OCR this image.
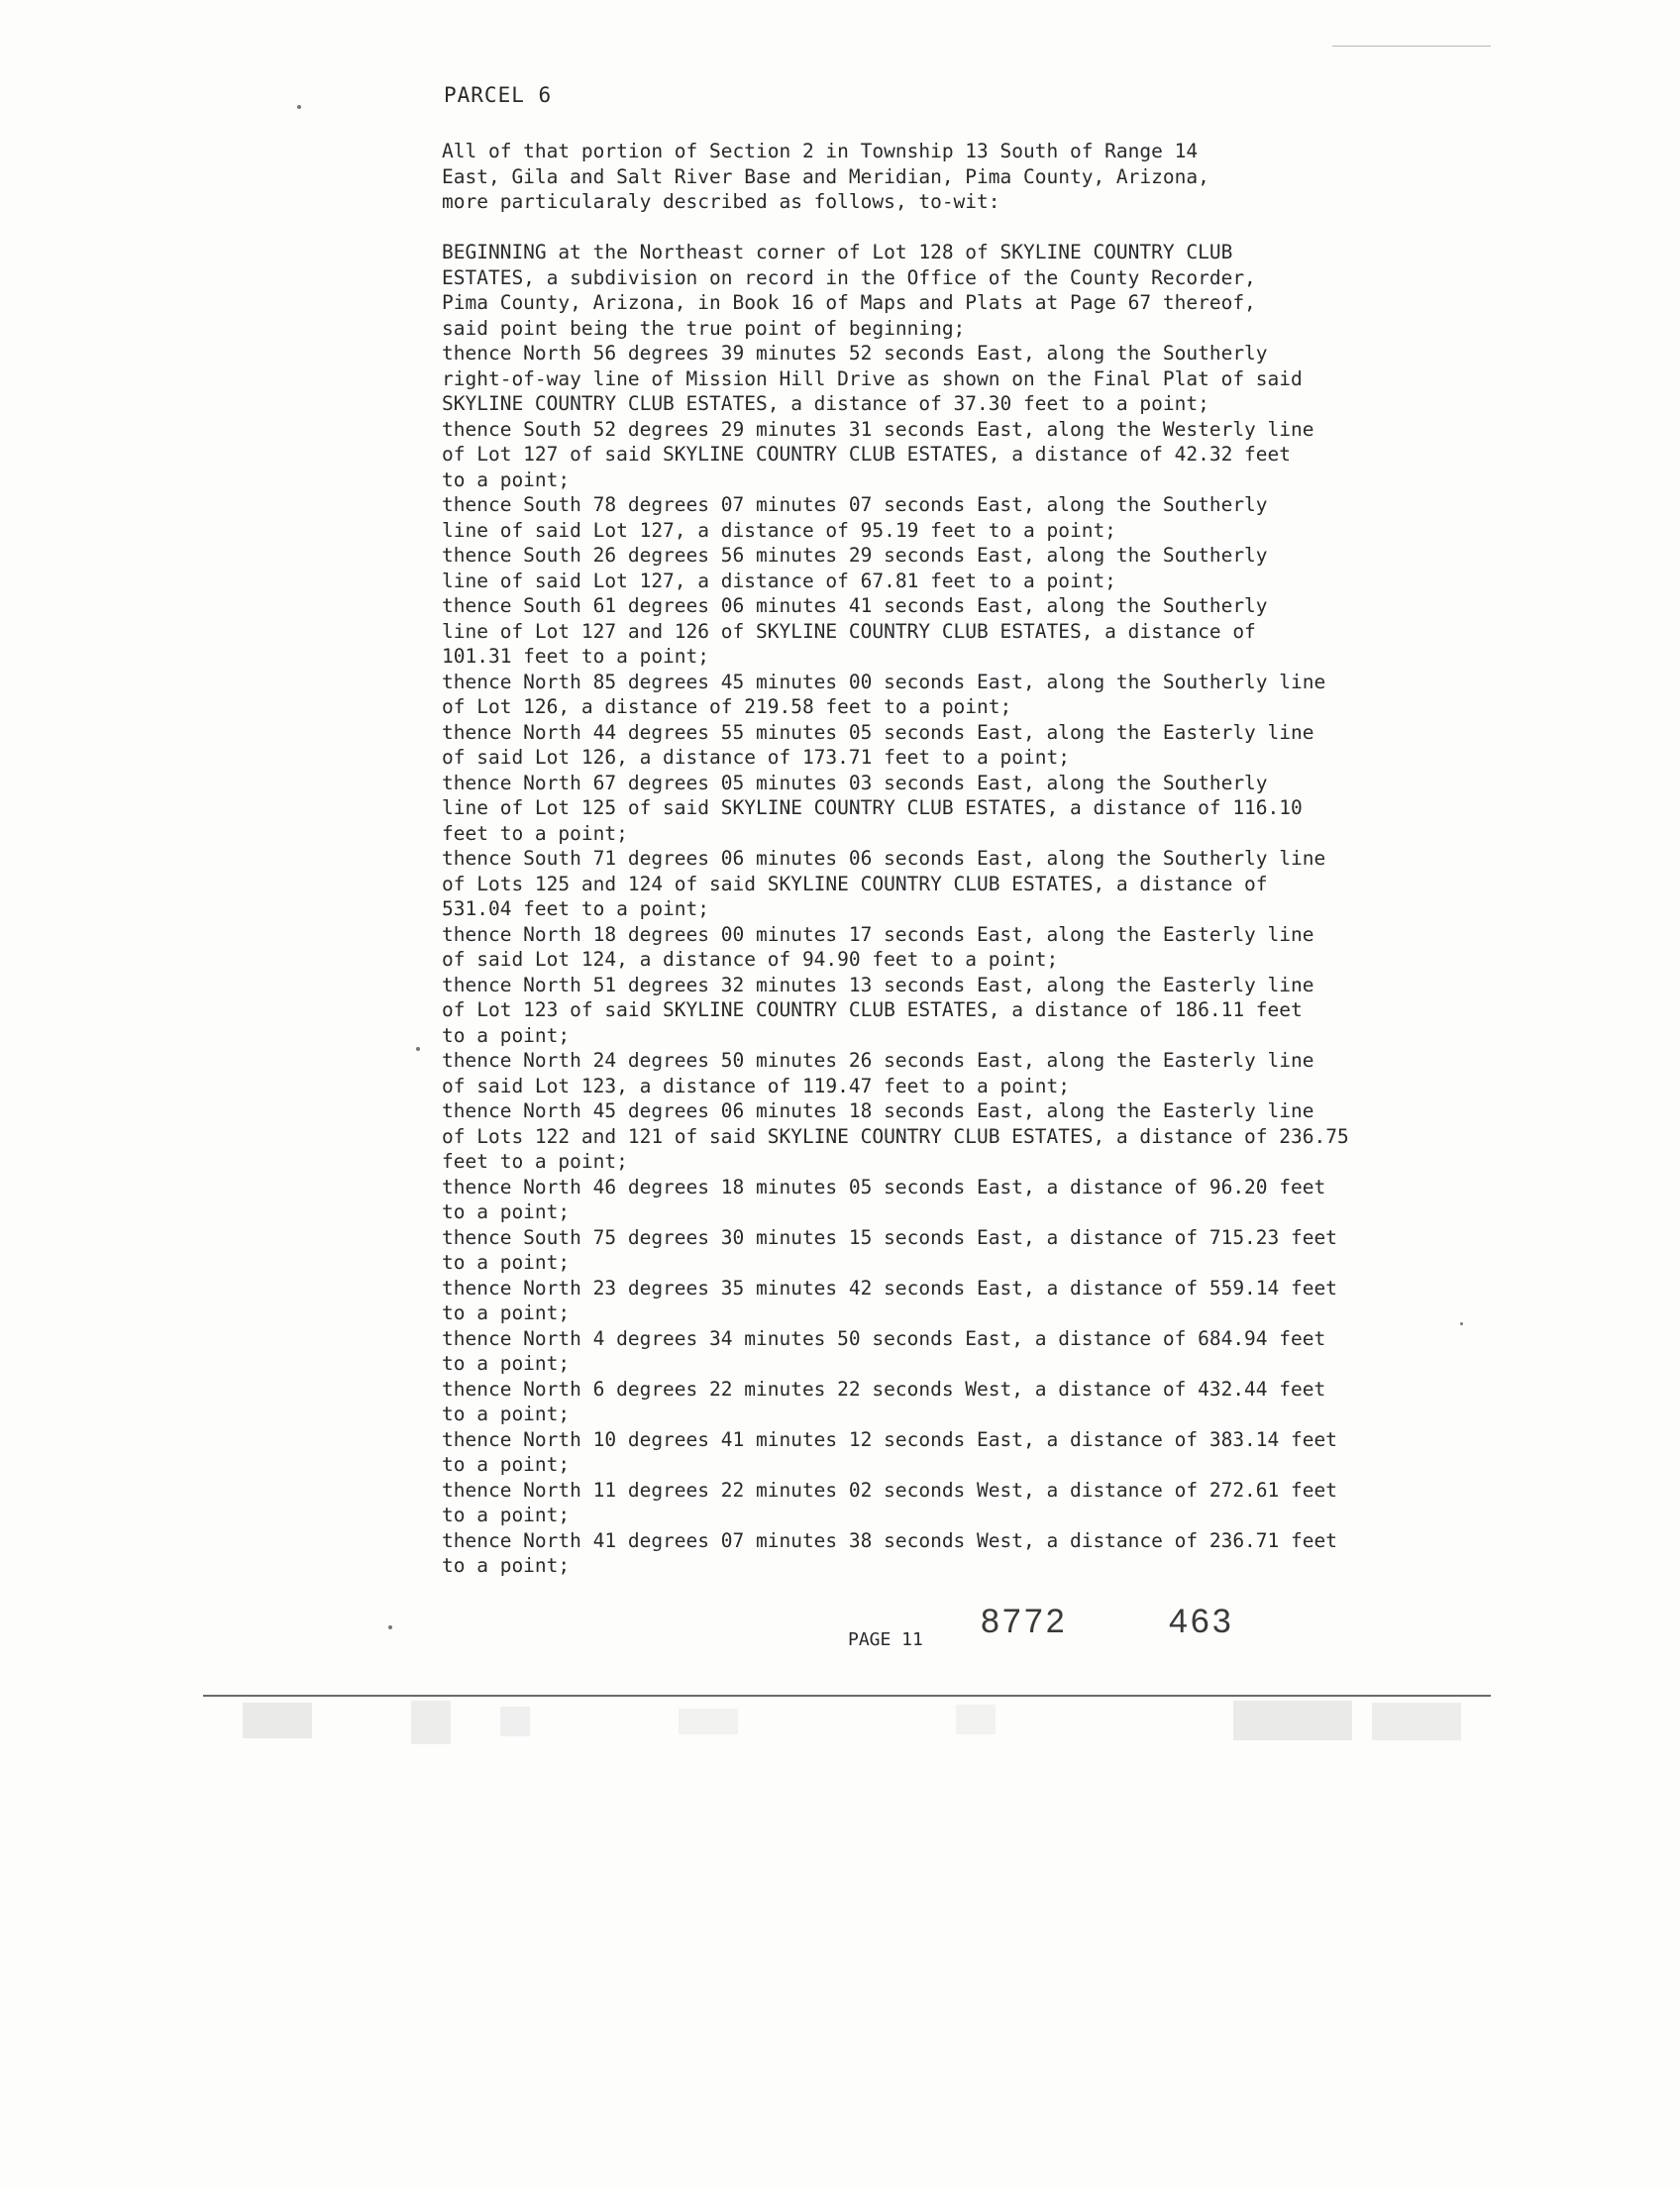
PARCEL 6
All of that portion of Section 2 in Township 13 South of Range 14
East, Gila and Salt River Base and Meridian, Pima County, Arizona,
more particularaly described as follows, to-wit:
BEGINNING at the Northeast corner of Lot 128 of SKYLINE COUNTRY CLUB
ESTATES, a subdivision on record in the Office of the County Recorder,
Pima County, Arizona, in Book 16 of Maps and Plats at Page 67 thereof,
said point being the true point of beginning;
thence North 56 degrees 39 minutes 52 seconds East, along the Southerly
right-of-way line of Mission Hill Drive as shown on the Final Plat of said
SKYLINE COUNTRY CLUB ESTATES, a distance of 37.30 feet to a point;
thence South 52 degrees 29 minutes 31 seconds East, along the Westerly line
of Lot 127 of said SKYLINE COUNTRY CLUB ESTATES, a distance of 42.32 feet
to a point;
thence South 78 degrees 07 minutes 07 seconds East, along the Southerly
line of said Lot 127, a distance of 95.19 feet to a point;
thence South 26 degrees 56 minutes 29 seconds East, along the Southerly
line of said Lot 127, a distance of 67.81 feet to a point;
thence South 61 degrees 06 minutes 41 seconds East, along the Southerly
line of Lot 127 and 126 of SKYLINE COUNTRY CLUB ESTATES, a distance of
101.31 feet to a point;
thence North 85 degrees 45 minutes 00 seconds East, along the Southerly line
of Lot 126, a distance of 219.58 feet to a point;
thence North 44 degrees 55 minutes 05 seconds East, along the Easterly line
of said Lot 126, a distance of 173.71 feet to a point;
thence North 67 degrees 05 minutes 03 seconds East, along the Southerly
line of Lot 125 of said SKYLINE COUNTRY CLUB ESTATES, a distance of 116.10
feet to a point;
thence South 71 degrees 06 minutes 06 seconds East, along the Southerly line
of Lots 125 and 124 of said SKYLINE COUNTRY CLUB ESTATES, a distance of
531.04 feet to a point;
thence North 18 degrees 00 minutes 17 seconds East, along the Easterly line
of said Lot 124, a distance of 94.90 feet to a point;
thence North 51 degrees 32 minutes 13 seconds East, along the Easterly line
of Lot 123 of said SKYLINE COUNTRY CLUB ESTATES, a distance of 186.11 feet
to a point;
thence North 24 degrees 50 minutes 26 seconds East, along the Easterly line
of said Lot 123, a distance of 119.47 feet to a point;
thence North 45 degrees 06 minutes 18 seconds East, along the Easterly line
of Lots 122 and 121 of said SKYLINE COUNTRY CLUB ESTATES, a distance of 236.75
feet to a point;
thence North 46 degrees 18 minutes 05 seconds East, a distance of 96.20 feet
to a point;
thence South 75 degrees 30 minutes 15 seconds East, a distance of 715.23 feet
to a point;
thence North 23 degrees 35 minutes 42 seconds East, a distance of 559.14 feet
to a point;
thence North 4 degrees 34 minutes 50 seconds East, a distance of 684.94 feet
to a point;
thence North 6 degrees 22 minutes 22 seconds West, a distance of 432.44 feet
to a point;
thence North 10 degrees 41 minutes 12 seconds East, a distance of 383.14 feet
to a point;
thence North 11 degrees 22 minutes 02 seconds West, a distance of 272.61 feet
to a point;
thence North 41 degrees 07 minutes 38 seconds West, a distance of 236.71 feet
to a point;
PAGE 11 8772	463
